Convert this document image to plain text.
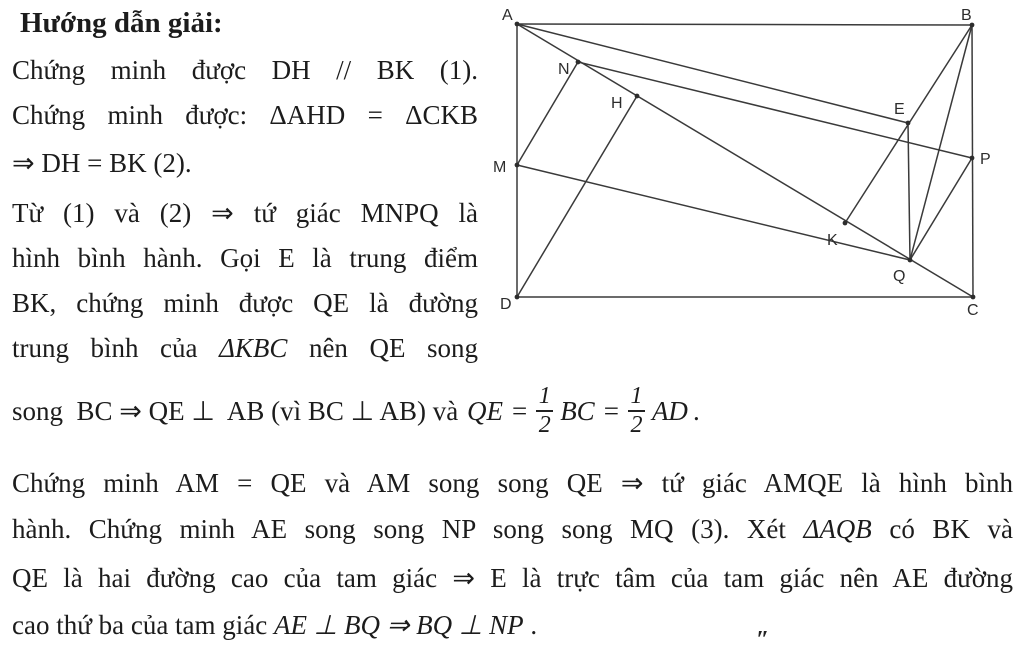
Hướng dẫn giải:
Chứng minh được DH // BK (1).
Chứng minh được: ΔAHD = ΔCKB
⇒ DH = BK (2).
Từ (1) và (2) ⇒ tứ giác MNPQ là
hình bình hành. Gọi E là trung điểm
BK, chứng minh được QE là đường
trung bình của ΔKBC nên QE song
song  BC ⇒ QE ⊥  AB (vì BC ⊥ AB) và QE = $\frac{1}{2}$ BC = $\frac{1}{2}$ AD .
Chứng minh AM = QE và AM song song QE ⇒ tứ giác AMQE là hình bình
hành. Chứng minh AE song song NP song song MQ (3). Xét ΔAQB có BK và
QE là hai đường cao của tam giác ⇒ E là trực tâm của tam giác nên AE đường
cao thứ ba của tam giác AE ⊥ BQ ⇒ BQ ⊥ NP .
A	B
C
D
M
N
H	E
P
K
Q
″
